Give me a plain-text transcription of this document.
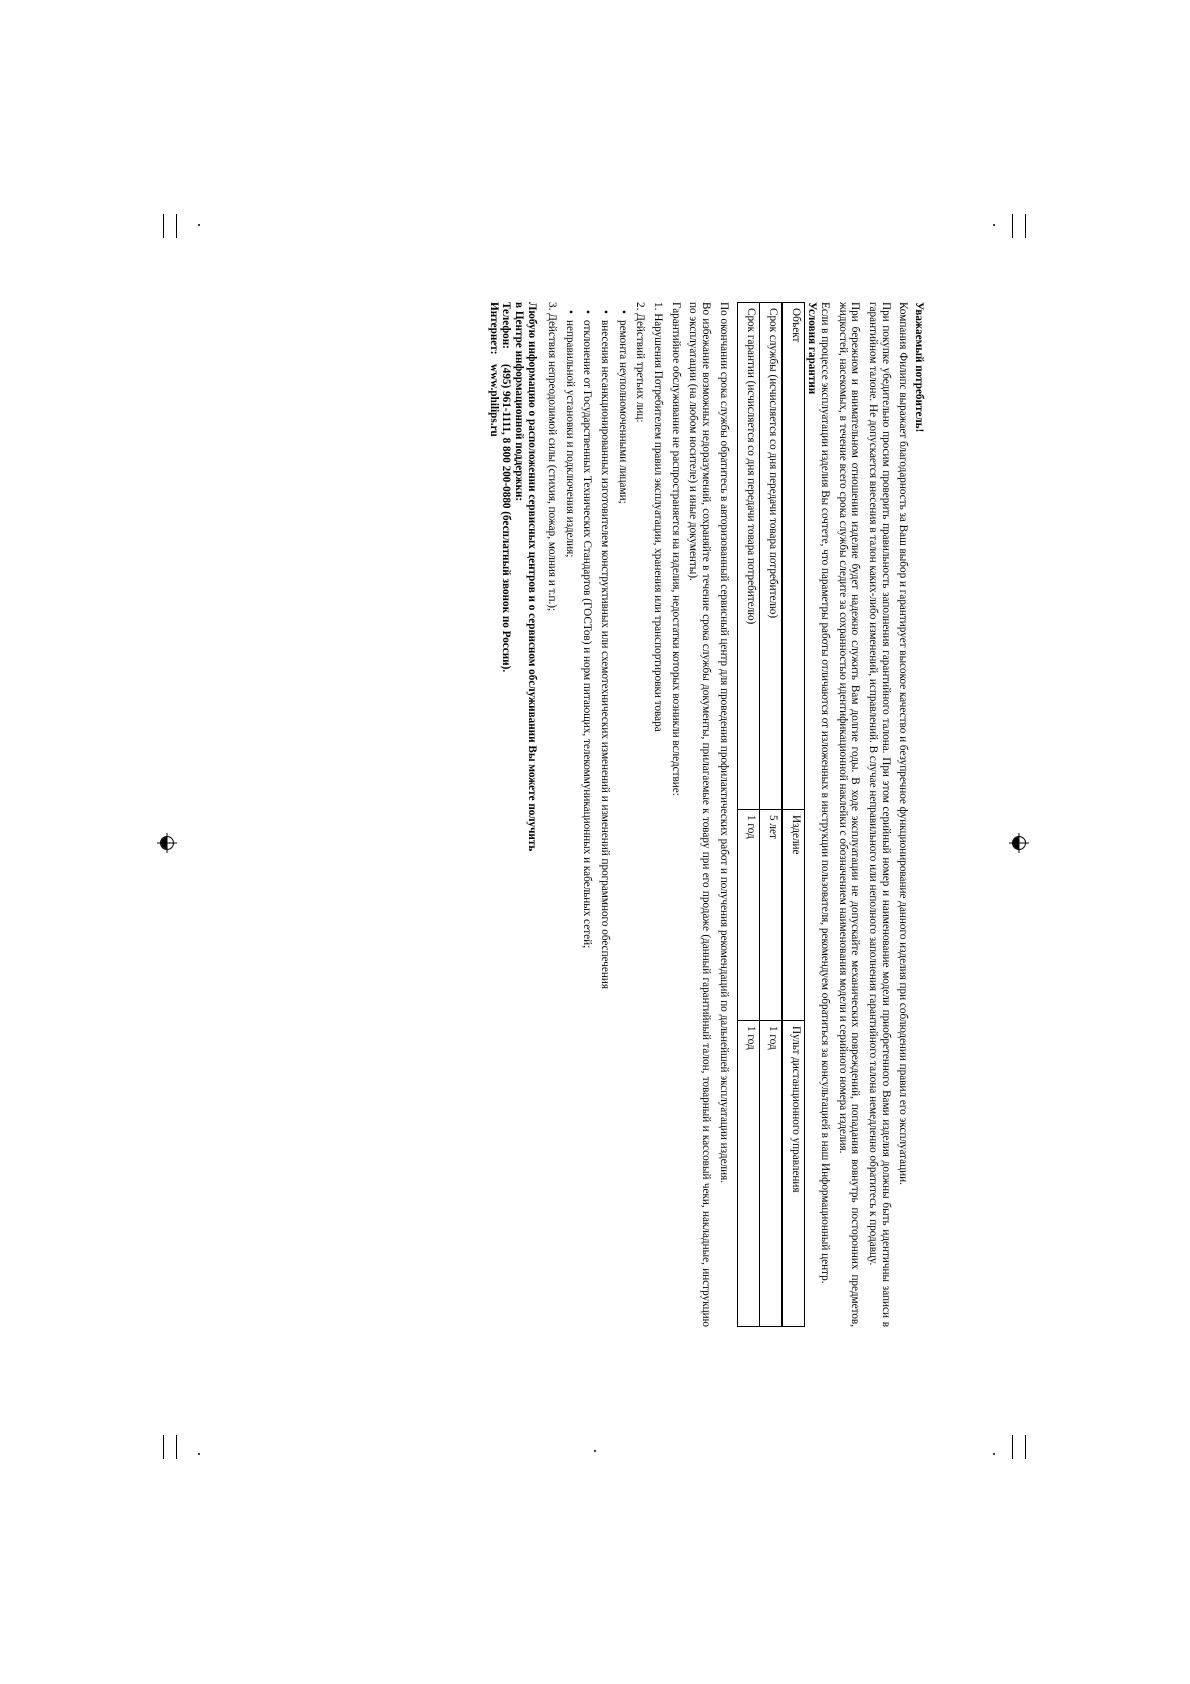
Уважаемый потребитель!

Компания Филипс выражает благодарность за Ваш выбор и гарантирует высокое качество и безупречное функционирование данного изделия при соблюдении правил его эксплуатации.

При покупке убедительно просим проверить правильность заполнения гарантийного талона. При этом серийный номер и наименование модели приобретенного Вами изделия должны быть идентичны записи в гарантийном талоне. Не допускается внесения в талон каких-либо изменений, исправлений. В случае неправильного или неполного заполнения гарантийного талона немедленно обратитесь к продавцу.

При бережном и внимательном отношении изделие будет надежно служить Вам долгие годы. В ходе эксплуатации не допускайте механических повреждений, попадания вовнутрь посторонних предметов, жидкостей, насекомых, в течение всего срока службы следите за сохранностью идентификационной наклейки с обозначением наименования модели и серийного номера изделия.

Если в процессе эксплуатации изделия Вы сочтете, что параметры работы отличаются от изложенных в инструкции пользователя, рекомендуем обратиться за консультацией в наш Информационный центр.

Условия гарантии

Объект	Изделие	Пульт дистанционного управления
Срок службы (исчисляется со дня передачи товара потребителю)	5 лет	1 год
Срок гарантии (исчисляется со дня передачи товара потребителю)	1 год	1 год

По окончании срока службы обратитесь в авторизованный сервисный центр для проведения профилактических работ и получения рекомендаций по дальнейшей эксплуатации изделия.

Во избежание возможных недоразумений, сохраняйте в течение срока службы документы, прилагаемые к товару при его продаже (данный гарантийный талон, товарный и кассовый чеки, накладные, инструкцию по эксплуатации (на любом носителе) и иные документы).

Гарантийное обслуживание не распространяется на изделия, недостатки которых возникли вследствие:

1. Нарушения Потребителем правил эксплуатации, хранения или транспортировки товара
2. Действий третьих лиц:
•ремонта неуполномоченными лицами;
•внесения несанкционированных изготовителем конструктивных или схемотехнических изменений и изменений программного обеспечения
•отклонение от Государственных Технических Стандартов (ГОСТов) и норм питающих, телекоммуникационных и кабельных сетей;
•неправильной установки и подключения изделия;
3. Действия непреодолимой силы (стихия, пожар, молния и т.п.);

Любую информацию о расположении сервисных центров и о сервисном обслуживании Вы можете получить

в Центре информационной поддержки:

Телефон:(495) 961-1111, 8 800 200-0880 (бесплатный звонок по России).

Интернет:www.philips.ru
